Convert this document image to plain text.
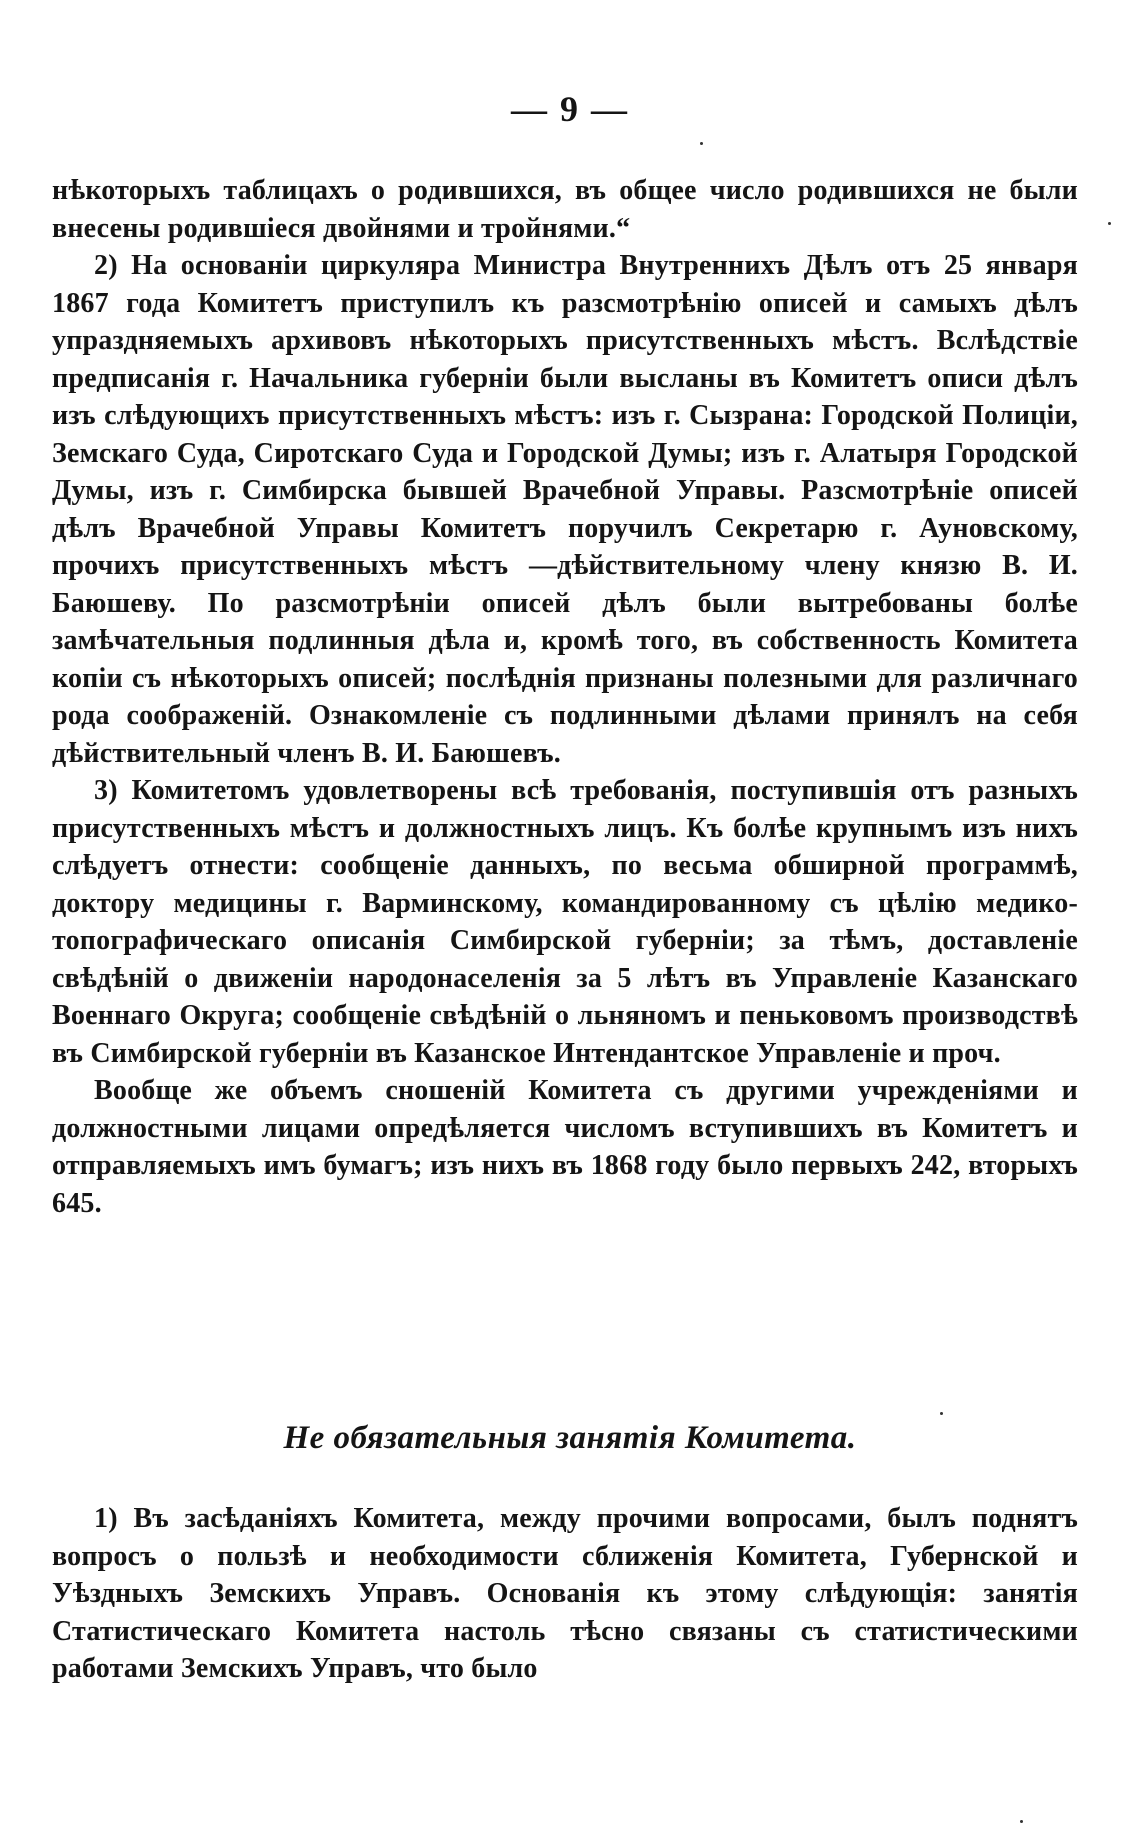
— 9 —

нѣкоторыхъ таблицахъ о родившихся, въ общее число родившихся не были внесены родившіеся двойнями и тройнями.“

2) На основаніи циркуляра Министра Внутреннихъ Дѣлъ отъ 25 января 1867 года Комитетъ приступилъ къ разсмотрѣнію описей и самыхъ дѣлъ упраздняемыхъ архивовъ нѣкоторыхъ присутственныхъ мѣстъ. Вслѣдствіе предписанія г. Начальника губерніи были высланы въ Комитетъ описи дѣлъ изъ слѣдующихъ присутственныхъ мѣстъ: изъ г. Сызрана: Городской Полиціи, Земскаго Суда, Сиротскаго Суда и Городской Думы; изъ г. Алатыря Городской Думы, изъ г. Симбирска бывшей Врачебной Управы. Разсмотрѣніе описей дѣлъ Врачебной Управы Комитетъ поручилъ Секретарю г. Ауновскому, прочихъ присутственныхъ мѣстъ —дѣйствительному члену князю В. И. Баюшеву. По разсмотрѣніи описей дѣлъ были вытребованы болѣе замѣчательныя подлинныя дѣла и, кромѣ того, въ собственность Комитета копіи съ нѣкоторыхъ описей; послѣднія признаны полезными для различнаго рода соображеній. Ознакомленіе съ подлинными дѣлами принялъ на себя дѣйствительный членъ В. И. Баюшевъ.

3) Комитетомъ удовлетворены всѣ требованія, поступившія отъ разныхъ присутственныхъ мѣстъ и должностныхъ лицъ. Къ болѣе крупнымъ изъ нихъ слѣдуетъ отнести: сообщеніе данныхъ, по весьма обширной программѣ, доктору медицины г. Варминскому, командированному съ цѣлію медико-топографическаго описанія Симбирской губерніи; за тѣмъ, доставленіе свѣдѣній о движеніи народонаселенія за 5 лѣтъ въ Управленіе Казанскаго Военнаго Округа; сообщеніе свѣдѣній о льняномъ и пеньковомъ производствѣ въ Симбирской губерніи въ Казанское Интендантское Управленіе и проч.

Вообще же объемъ сношеній Комитета съ другими учрежденіями и должностными лицами опредѣляется числомъ вступившихъ въ Комитетъ и отправляемыхъ имъ бумагъ; изъ нихъ въ 1868 году было первыхъ 242, вторыхъ 645.

Не обязательныя занятія Комитета.

1) Въ засѣданіяхъ Комитета, между прочими вопросами, былъ поднятъ вопросъ о пользѣ и необходимости сближенія Комитета, Губернской и Уѣздныхъ Земскихъ Управъ. Основанія къ этому слѣдующія: занятія Статистическаго Комитета настоль тѣсно связаны съ статистическими работами Земскихъ Управъ, что было
